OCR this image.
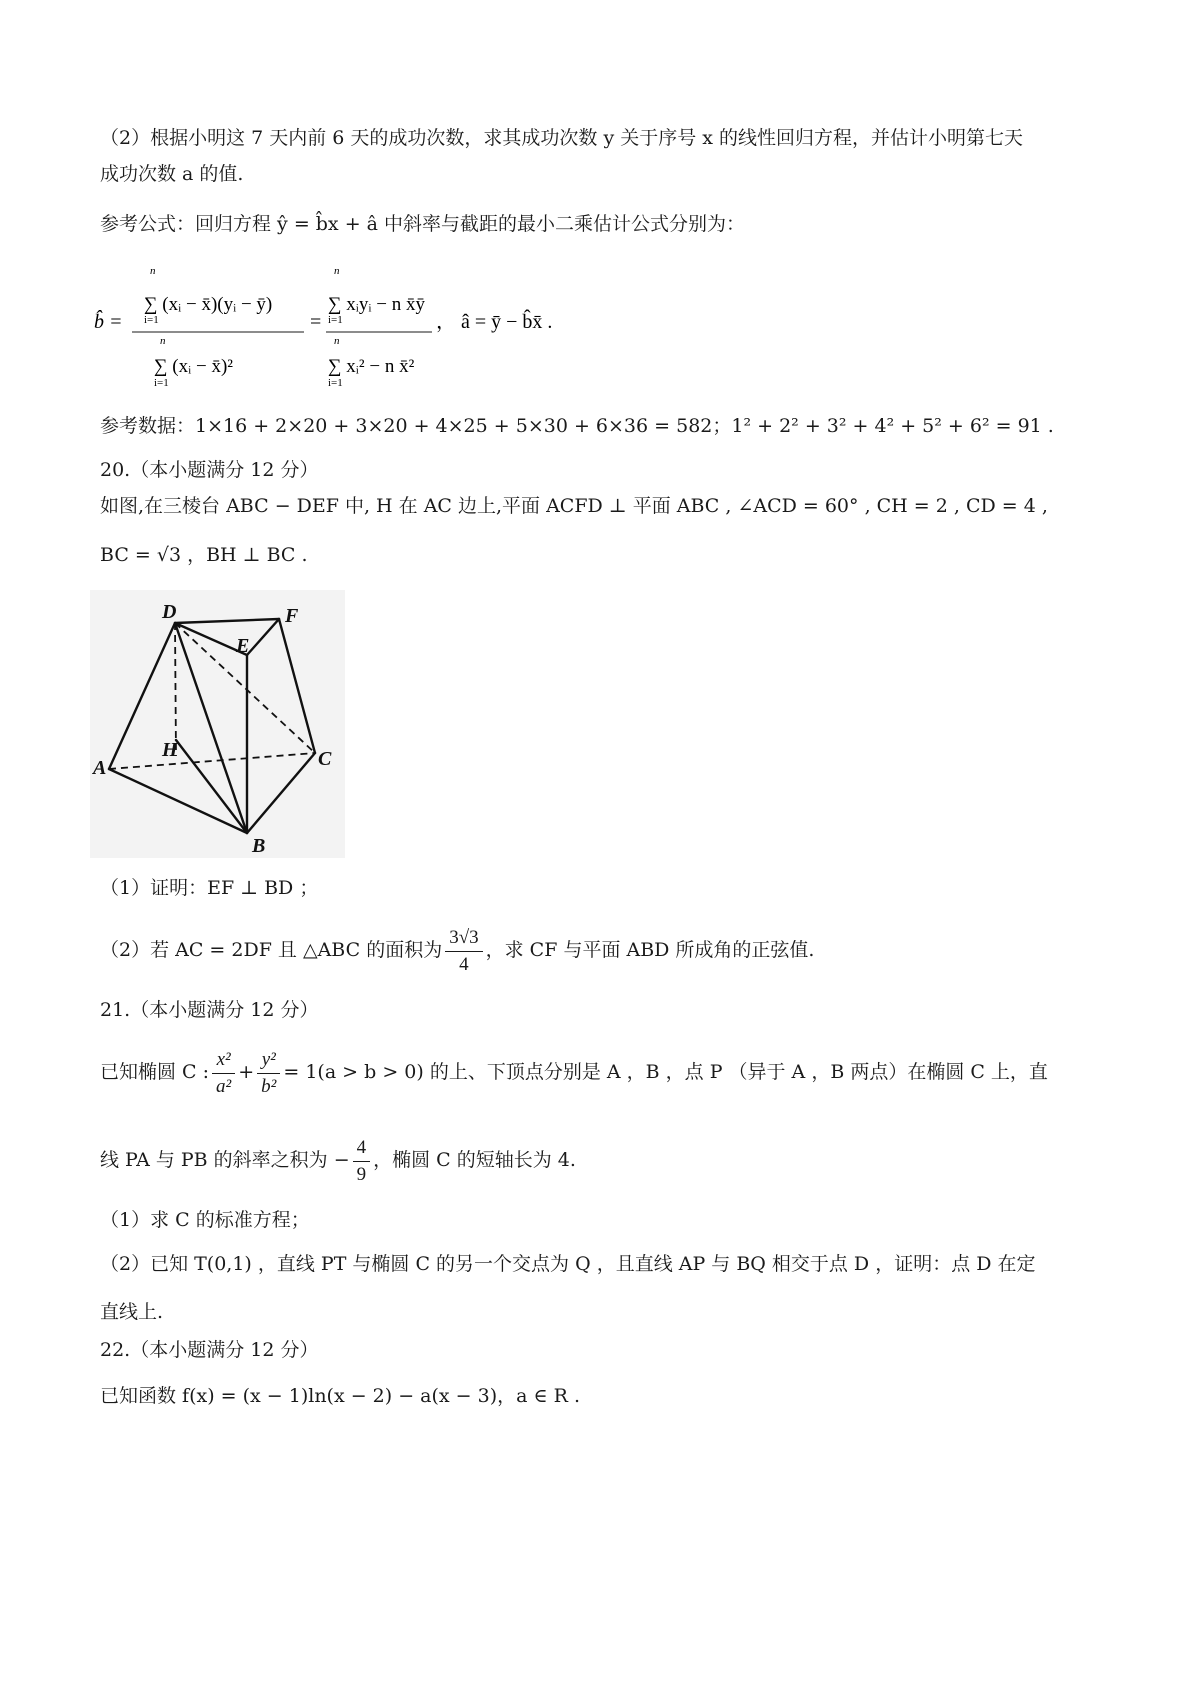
（2）根据小明这 7 天内前 6 天的成功次数，求其成功次数 y 关于序号 x 的线性回归方程，并估计小明第七天
成功次数 a 的值.
参考公式：回归方程 ŷ = b̂x + â 中斜率与截距的最小二乘估计公式分别为：
b̂ =
n
∑ (xᵢ − x̄)(yᵢ − ȳ)
i=1
n
∑ (xᵢ − x̄)²
i=1
=
n
∑ xᵢyᵢ − n x̄ȳ
i=1
n
∑ xᵢ² − n x̄²
i=1
， â = ȳ − b̂x̄ .
参考数据：1×16 + 2×20 + 3×20 + 4×25 + 5×30 + 6×36 = 582；1² + 2² + 3² + 4² + 5² + 6² = 91 .
20.（本小题满分 12 分）
如图,在三棱台 ABC − DEF 中, H 在 AC 边上,平面 ACFD ⊥ 平面 ABC , ∠ACD = 60° , CH = 2 , CD = 4 ,
BC = √3 ，BH ⊥ BC .
D
E
F
A
H	C
B
（1）证明：EF ⊥ BD ；
（2）若 AC = 2DF 且 △ABC 的面积为 $\frac{3√3}{4}$ ，求 CF 与平面 ABD 所成角的正弦值.
21.（本小题满分 12 分）
已知椭圆 C : $\frac{\text{x²}}{\text{a²}} + \frac{\text{y²}}{\text{b²}} = 1(a > b > 0)$ 的上、下顶点分别是 A ，B ，点 P （异于 A ，B 两点）在椭圆 C 上，直
线 PA 与 PB 的斜率之积为 − $\frac{4}{9}$ ，椭圆 C 的短轴长为 4.
（1）求 C 的标准方程；
（2）已知 T(0,1) ，直线 PT 与椭圆 C 的另一个交点为 Q ，且直线 AP 与 BQ 相交于点 D ，证明：点 D 在定
直线上.
22.（本小题满分 12 分）
已知函数 f(x) = (x − 1)ln(x − 2) − a(x − 3)，a ∈ R .
